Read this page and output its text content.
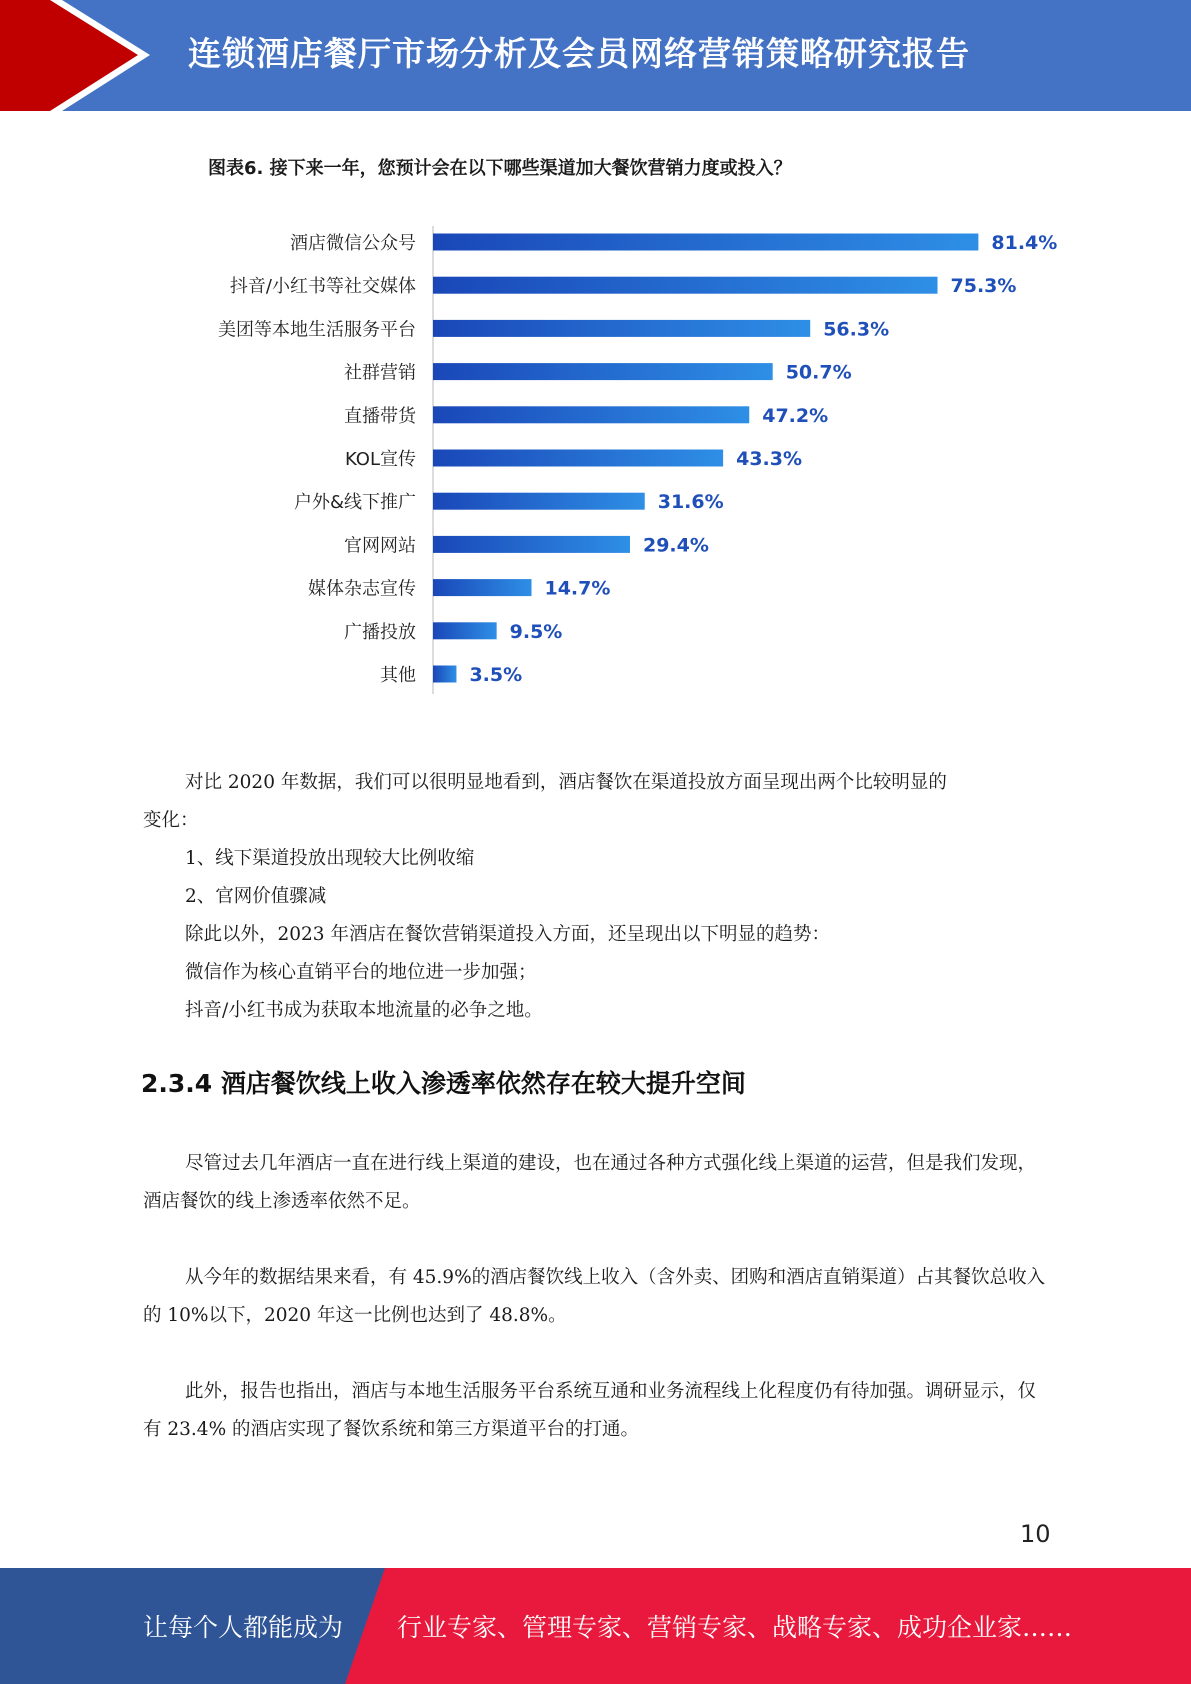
连锁酒店餐厅市场分析及会员网络营销策略研究报告
图表6. 接下来一年，您预计会在以下哪些渠道加大餐饮营销力度或投入？
酒店微信公众号	81.4%
抖音/小红书等社交媒体	75.3%
美团等本地生活服务平台	56.3%
社群营销	50.7%
直播带货	47.2%
KOL宣传	43.3%
户外&线下推广	31.6%
官网网站	29.4%
媒体杂志宣传	14.7%
广播投放	9.5%
其他	3.5%
对比 2020 年数据，我们可以很明显地看到，酒店餐饮在渠道投放方面呈现出两个比较明显的
变化：
1、线下渠道投放出现较大比例收缩
2、官网价值骤减
除此以外，2023 年酒店在餐饮营销渠道投入方面，还呈现出以下明显的趋势：
微信作为核心直销平台的地位进一步加强；
抖音/小红书成为获取本地流量的必争之地。
2.3.4 酒店餐饮线上收入渗透率依然存在较大提升空间
尽管过去几年酒店一直在进行线上渠道的建设，也在通过各种方式强化线上渠道的运营，但是我们发现，酒店餐饮的线上渗透率依然不足。
从今年的数据结果来看，有 45.9%的酒店餐饮线上收入（含外卖、团购和酒店直销渠道）占其餐饮总收入的 10%以下，2020 年这一比例也达到了 48.8%。
此外，报告也指出，酒店与本地生活服务平台系统互通和业务流程线上化程度仍有待加强。调研显示，仅有 23.4% 的酒店实现了餐饮系统和第三方渠道平台的打通。
10
让每个人都能成为 行业专家、管理专家、营销专家、战略专家、成功企业家……
